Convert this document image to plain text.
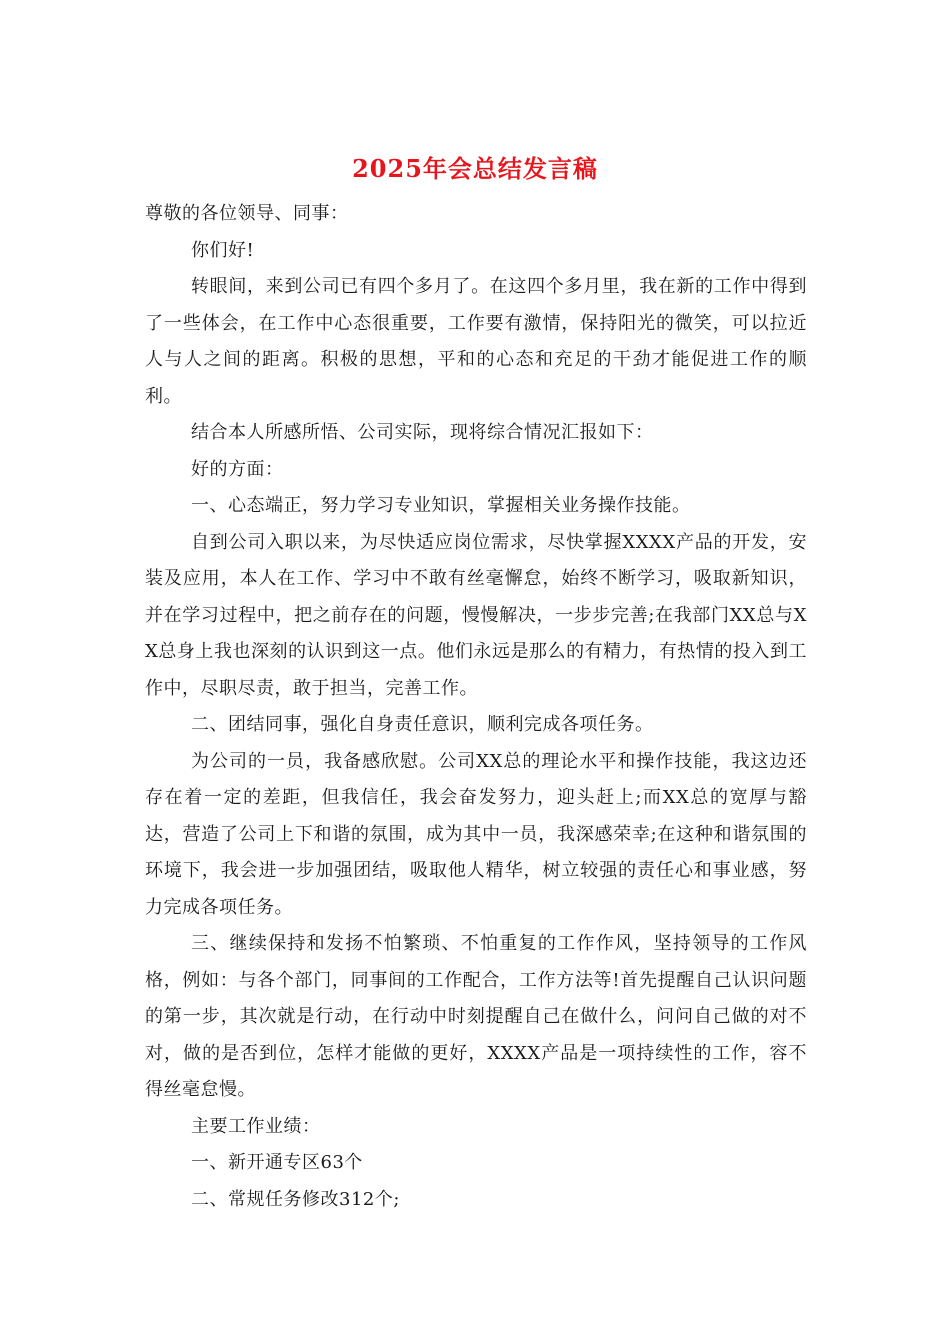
2025年会总结发言稿

尊敬的各位领导、同事：

你们好!

转眼间，来到公司已有四个多月了。在这四个多月里，我在新的工作中得到了一些体会，在工作中心态很重要，工作要有激情，保持阳光的微笑，可以拉近人与人之间的距离。积极的思想，平和的心态和充足的干劲才能促进工作的顺利。

结合本人所感所悟、公司实际，现将综合情况汇报如下：

好的方面：

一、心态端正，努力学习专业知识，掌握相关业务操作技能。

自到公司入职以来，为尽快适应岗位需求，尽快掌握XXXX产品的开发，安装及应用，本人在工作、学习中不敢有丝毫懈怠，始终不断学习，吸取新知识，并在学习过程中，把之前存在的问题，慢慢解决，一步步完善;在我部门XX总与XX总身上我也深刻的认识到这一点。他们永远是那么的有精力，有热情的投入到工作中，尽职尽责，敢于担当，完善工作。

二、团结同事，强化自身责任意识，顺利完成各项任务。

为公司的一员，我备感欣慰。公司XX总的理论水平和操作技能，我这边还存在着一定的差距，但我信任，我会奋发努力，迎头赶上;而XX总的宽厚与豁达，营造了公司上下和谐的氛围，成为其中一员，我深感荣幸;在这种和谐氛围的环境下，我会进一步加强团结，吸取他人精华，树立较强的责任心和事业感，努力完成各项任务。

三、继续保持和发扬不怕繁琐、不怕重复的工作作风，坚持领导的工作风格，例如：与各个部门，同事间的工作配合，工作方法等!首先提醒自己认识问题的第一步，其次就是行动，在行动中时刻提醒自己在做什么，问问自己做的对不对，做的是否到位，怎样才能做的更好，XXXX产品是一项持续性的工作，容不得丝毫怠慢。

主要工作业绩：

一、新开通专区63个

二、常规任务修改312个;
